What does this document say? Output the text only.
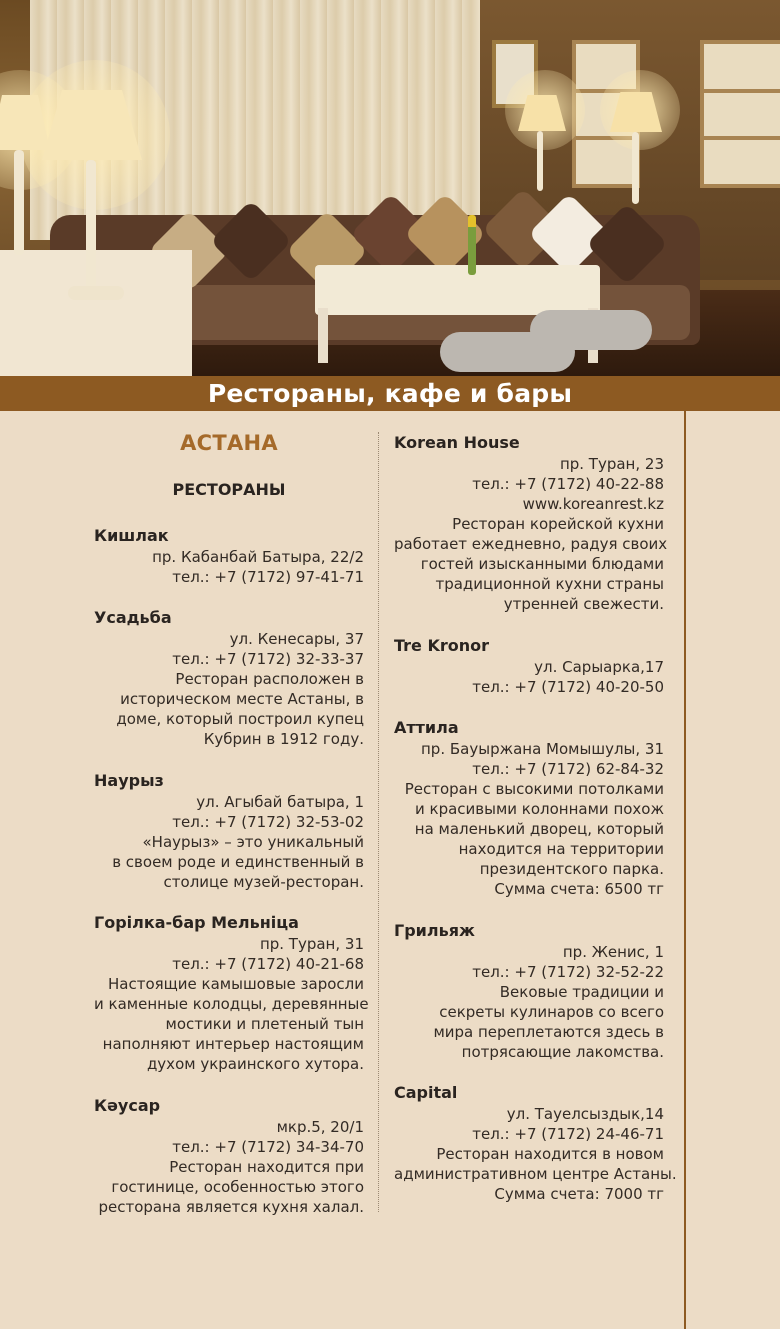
Рестораны, кафе и бары
АСТАНА
РЕСТОРАНЫ
Кишлак
пр. Кабанбай Батыра, 22/2
тел.: +7 (7172) 97-41-71
Усадьба
ул. Кенесары, 37
тел.: +7 (7172) 32-33-37
Ресторан расположен в
историческом месте Астаны, в
доме, который построил купец
Кубрин в 1912 году.
Наурыз
ул. Агыбай батыра, 1
тел.: +7 (7172) 32-53-02
«Наурыз» – это уникальный
в своем роде и единственный в
столице музей-ресторан.
Горілка-бар Мельніца
пр. Туран, 31
тел.: +7 (7172) 40-21-68
Настоящие камышовые заросли
и каменные колодцы, деревянные
мостики и плетеный тын
наполняют интерьер настоящим
духом украинского хутора.
Кәусар
мкр.5, 20/1
тел.: +7 (7172) 34-34-70
Ресторан находится при
гостинице, особенностью этого
ресторана является кухня халал.
Korean House
пр. Туран, 23
тел.: +7 (7172) 40-22-88
www.koreanrest.kz
Ресторан корейской кухни
работает ежедневно, радуя своих
гостей изысканными блюдами
традиционной кухни страны
утренней свежести.
Tre Kronor
ул. Сарыарка,17
тел.: +7 (7172) 40-20-50
Аттила
пр. Бауыржана Момышулы, 31
тел.: +7 (7172) 62-84-32
Ресторан с высокими потолками
и красивыми колоннами похож
на маленький дворец, который
находится на территории
президентского парка.
Сумма счета: 6500 тг
Грильяж
пр. Женис, 1
тел.: +7 (7172) 32-52-22
Вековые традиции и
секреты кулинаров со всего
мира переплетаются здесь в
потрясающие лакомства.
Capital
ул. Тауелсыздык,14
тел.: +7 (7172) 24-46-71
Ресторан находится в новом
административном центре Астаны.
Сумма счета: 7000 тг
